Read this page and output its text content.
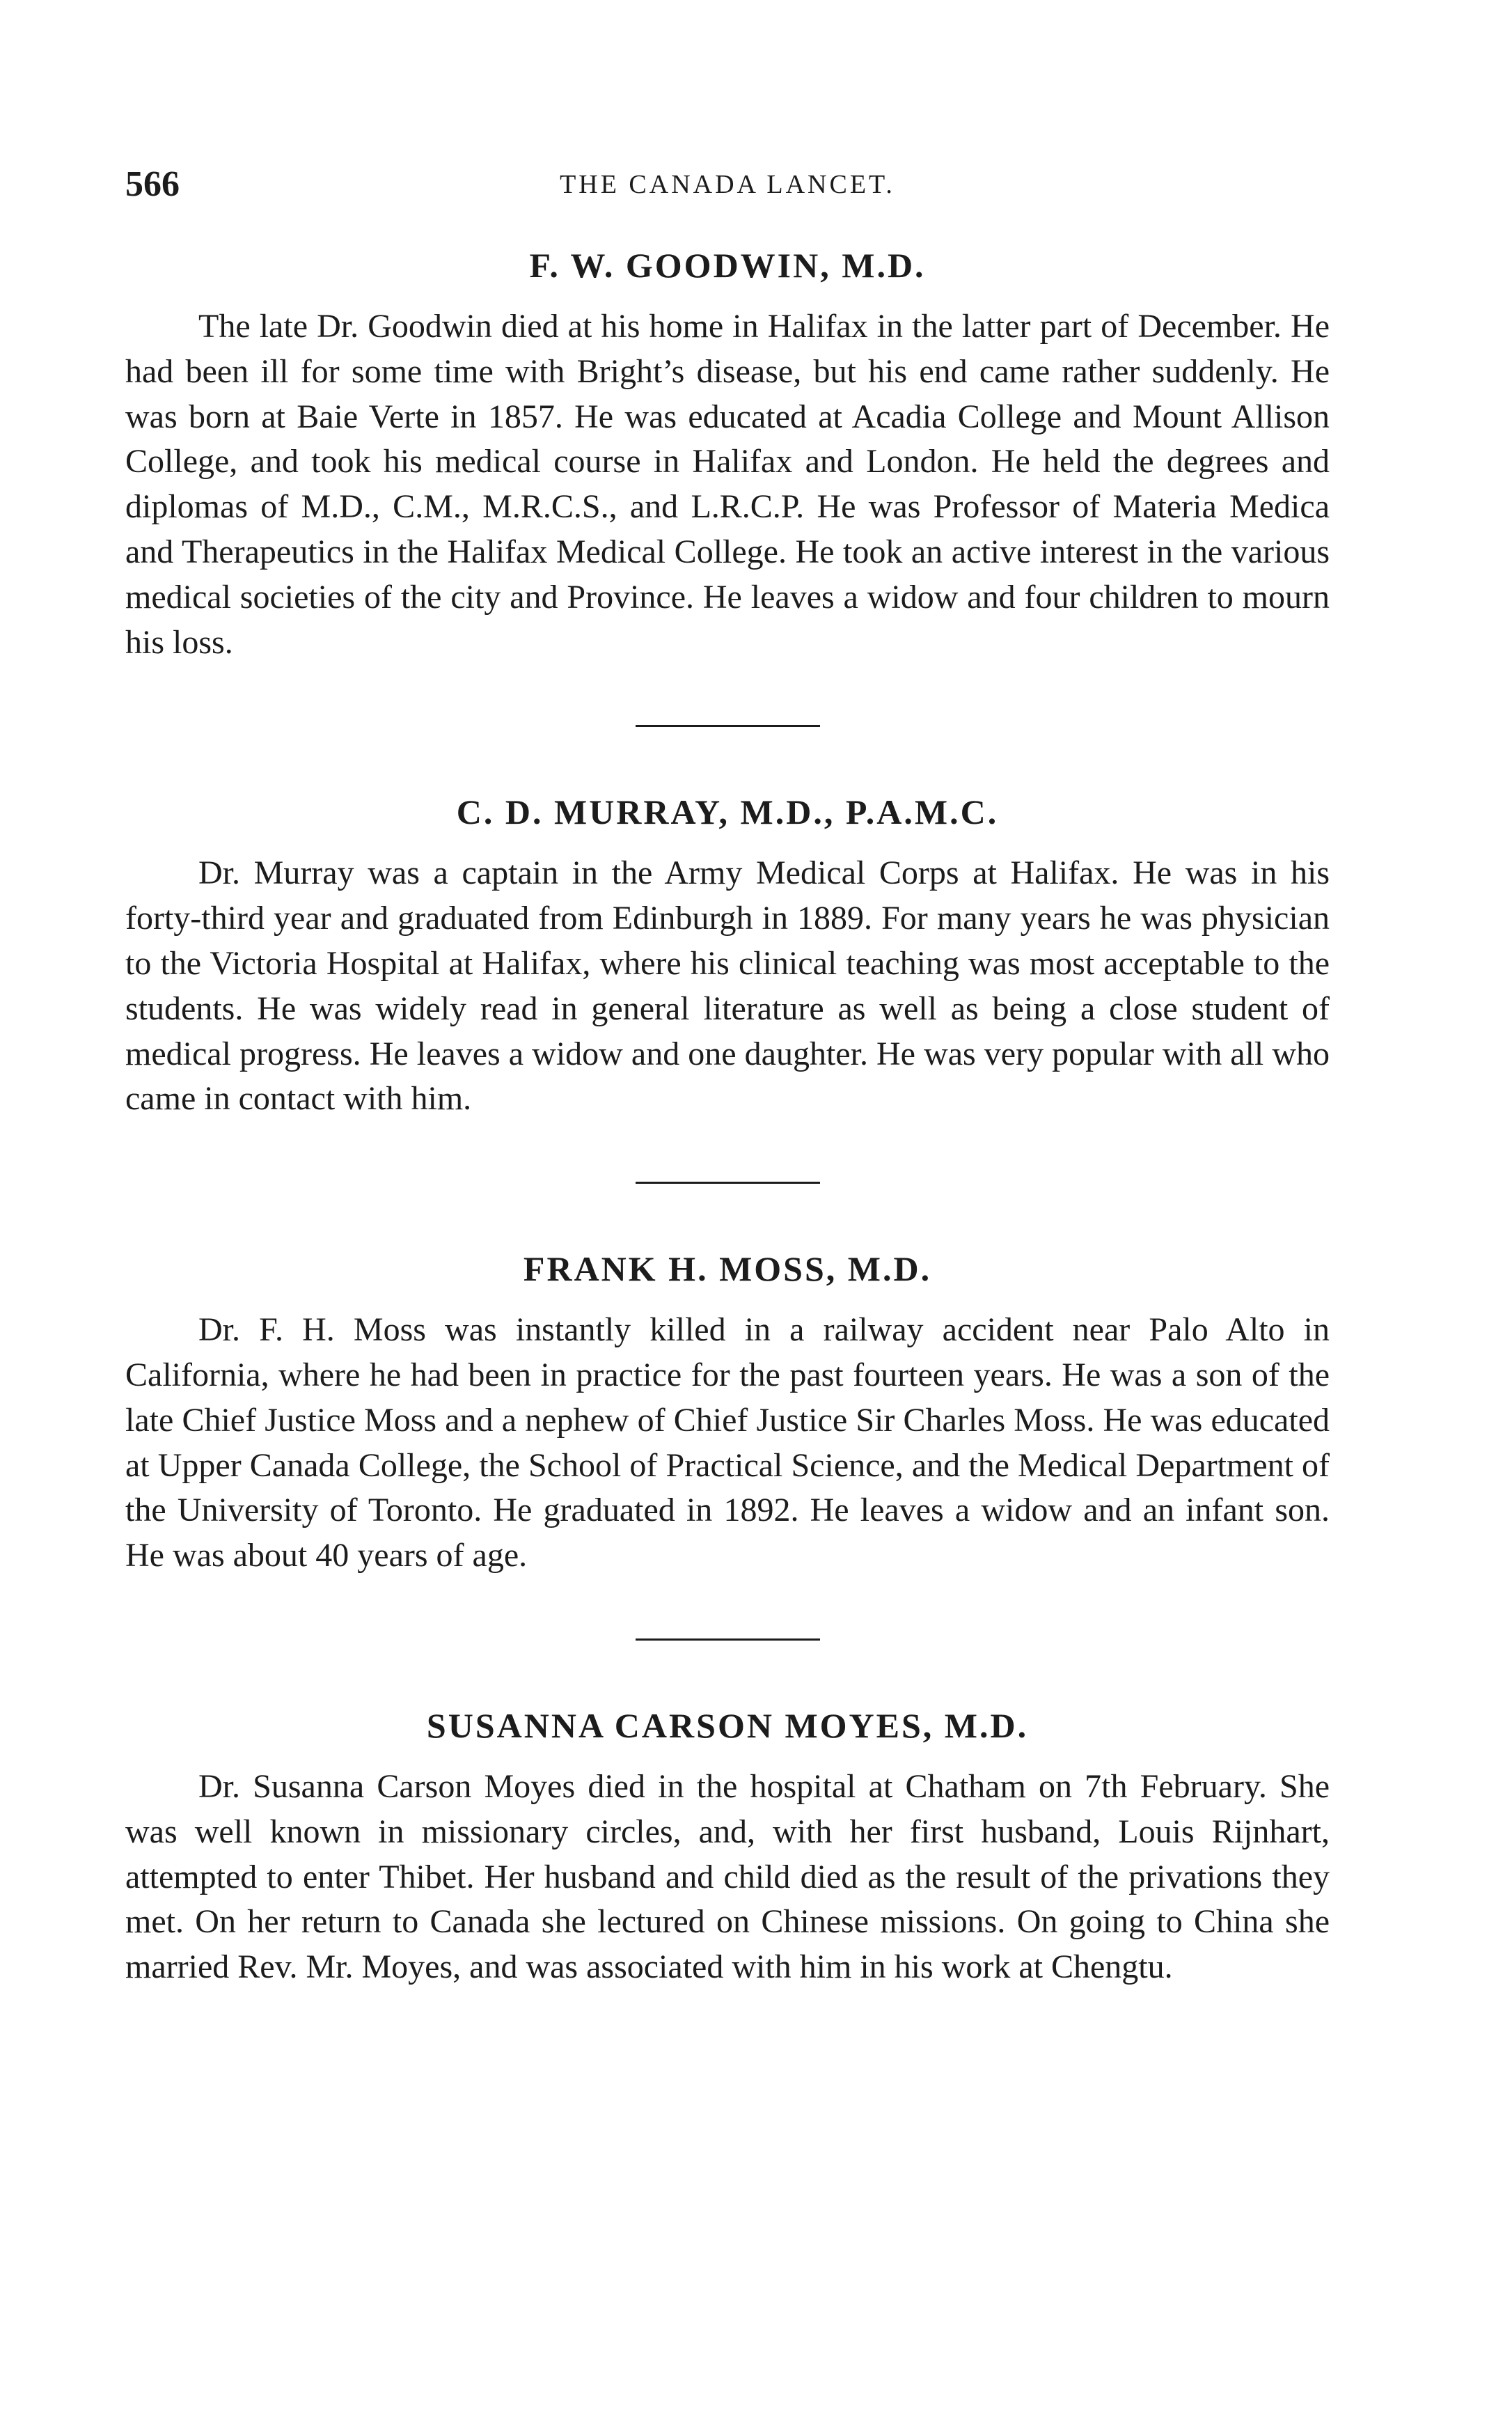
566	THE CANADA LANCET.
F. W. GOODWIN, M.D.

The late Dr. Goodwin died at his home in Halifax in the latter part of December. He had been ill for some time with Bright’s disease, but his end came rather suddenly. He was born at Baie Verte in 1857. He was educated at Acadia College and Mount Allison College, and took his medical course in Halifax and London. He held the degrees and diplomas of M.D., C.M., M.R.C.S., and L.R.C.P. He was Professor of Materia Medica and Therapeutics in the Halifax Medical College. He took an active interest in the various medical societies of the city and Province. He leaves a widow and four children to mourn his loss.

C. D. MURRAY, M.D., P.A.M.C.

Dr. Murray was a captain in the Army Medical Corps at Halifax. He was in his forty-third year and graduated from Edinburgh in 1889. For many years he was physician to the Victoria Hospital at Halifax, where his clinical teaching was most acceptable to the students. He was widely read in general literature as well as being a close student of medical progress. He leaves a widow and one daughter. He was very popular with all who came in contact with him.

FRANK H. MOSS, M.D.

Dr. F. H. Moss was instantly killed in a railway accident near Palo Alto in California, where he had been in practice for the past fourteen years. He was a son of the late Chief Justice Moss and a nephew of Chief Justice Sir Charles Moss. He was educated at Upper Canada College, the School of Practical Science, and the Medical Department of the University of Toronto. He graduated in 1892. He leaves a widow and an infant son. He was about 40 years of age.

SUSANNA CARSON MOYES, M.D.

Dr. Susanna Carson Moyes died in the hospital at Chatham on 7th February. She was well known in missionary circles, and, with her first husband, Louis Rijnhart, attempted to enter Thibet. Her husband and child died as the result of the privations they met. On her return to Canada she lectured on Chinese missions. On going to China she married Rev. Mr. Moyes, and was associated with him in his work at Chengtu.
